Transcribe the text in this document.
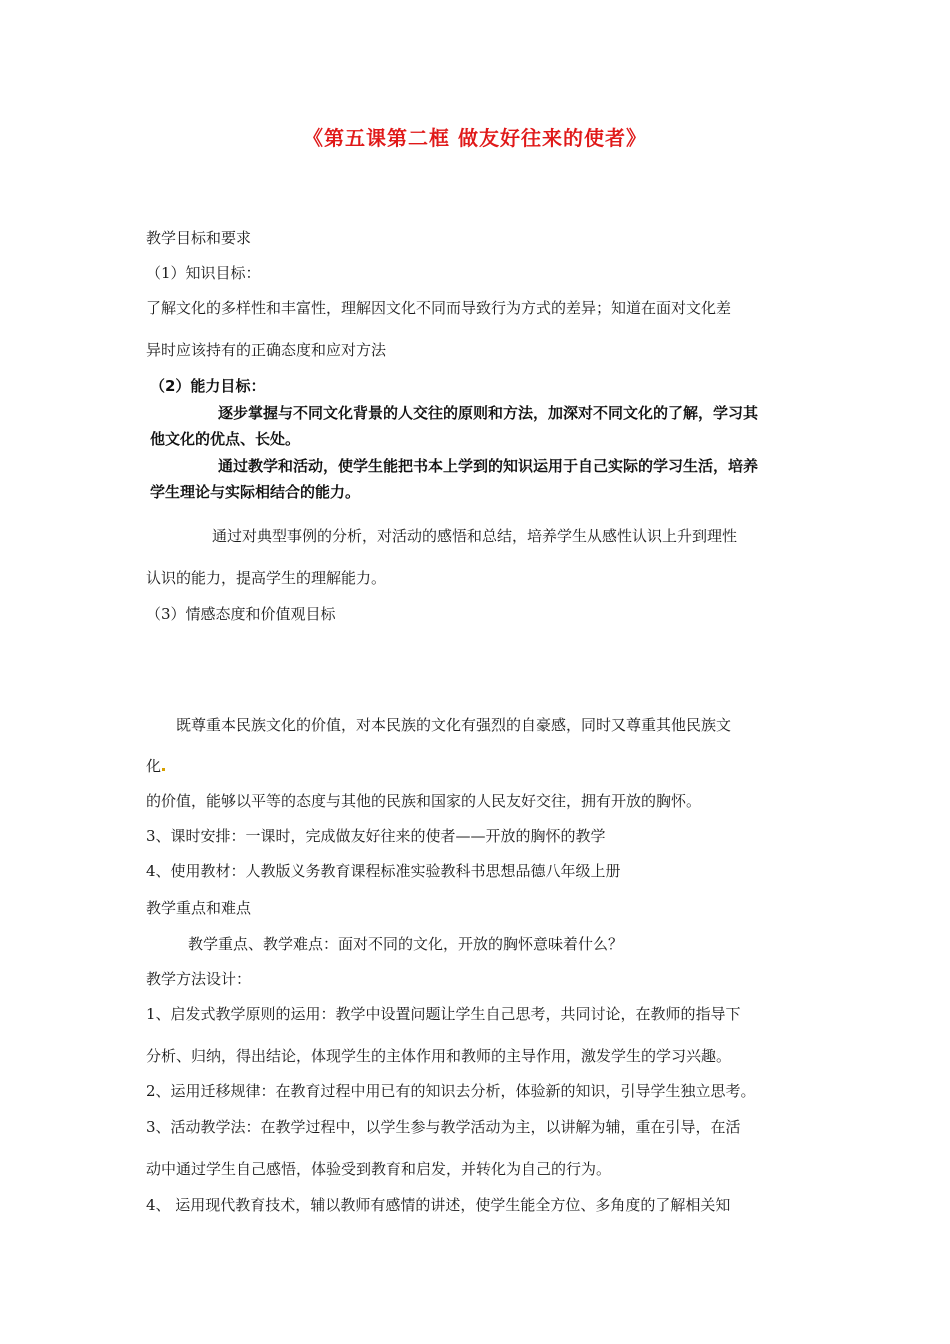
《第五课第二框 做友好往来的使者》
教学目标和要求
（1）知识目标：
了解文化的多样性和丰富性，理解因文化不同而导致行为方式的差异；知道在面对文化差
异时应该持有的正确态度和应对方法
（2）能力目标：
逐步掌握与不同文化背景的人交往的原则和方法，加深对不同文化的了解，学习其
他文化的优点、长处。
通过教学和活动，使学生能把书本上学到的知识运用于自己实际的学习生活，培养
学生理论与实际相结合的能力。
通过对典型事例的分析，对活动的感悟和总结，培养学生从感性认识上升到理性
认识的能力，提高学生的理解能力。
（3）情感态度和价值观目标
既尊重本民族文化的价值，对本民族的文化有强烈的自豪感，同时又尊重其他民族文
化
的价值，能够以平等的态度与其他的民族和国家的人民友好交往，拥有开放的胸怀。
3、课时安排：一课时，完成做友好往来的使者——开放的胸怀的教学
4、使用教材：人教版义务教育课程标准实验教科书思想品德八年级上册
教学重点和难点
教学重点、教学难点：面对不同的文化，开放的胸怀意味着什么？
教学方法设计：
1、启发式教学原则的运用：教学中设置问题让学生自己思考，共同讨论，在教师的指导下
分析、归纳，得出结论，体现学生的主体作用和教师的主导作用，激发学生的学习兴趣。
2、运用迁移规律：在教育过程中用已有的知识去分析，体验新的知识，引导学生独立思考。
3、活动教学法：在教学过程中，以学生参与教学活动为主，以讲解为辅，重在引导，在活
动中通过学生自己感悟，体验受到教育和启发，并转化为自己的行为。
4、 运用现代教育技术，辅以教师有感情的讲述，使学生能全方位、多角度的了解相关知
